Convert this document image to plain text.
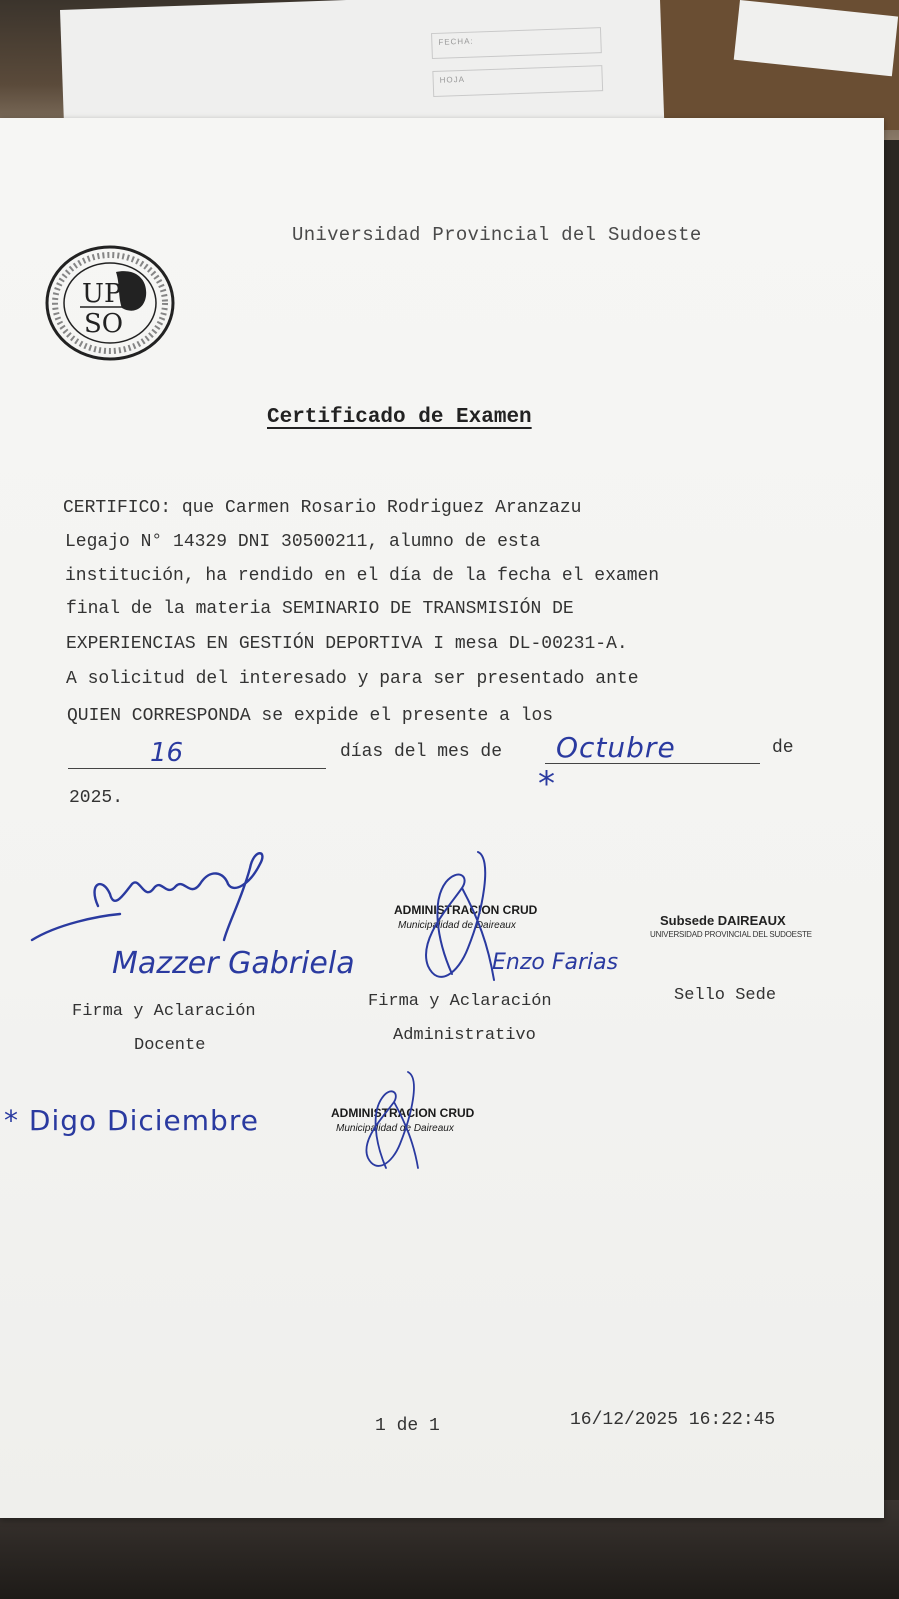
FECHA:
HOJA
U P
SO
Universidad Provincial del Sudoeste
Certificado de Examen
CERTIFICO: que Carmen Rosario Rodriguez Aranzazu
Legajo N° 14329 DNI 30500211, alumno de esta
institución, ha rendido en el día de la fecha el examen
final de la materia SEMINARIO DE TRANSMISIÓN DE
EXPERIENCIAS EN GESTIÓN DEPORTIVA I mesa DL-00231-A.
A solicitud del interesado y para ser presentado ante
QUIEN CORRESPONDA se expide el presente a los
16	días del mes de Octubre	de
*
2025.
Mazzer Gabriela
ADMINISTRACION CRUD
Municipalidad de Daireaux
Enzo Farias
Subsede DAIREAUX
UNIVERSIDAD PROVINCIAL DEL SUDOESTE
Firma y Aclaración
Docente
Firma y Aclaración
Administrativo
Sello Sede
* Digo Diciembre	ADMINISTRACION CRUD
Municipalidad de Daireaux
1 de 1	16/12/2025 16:22:45
